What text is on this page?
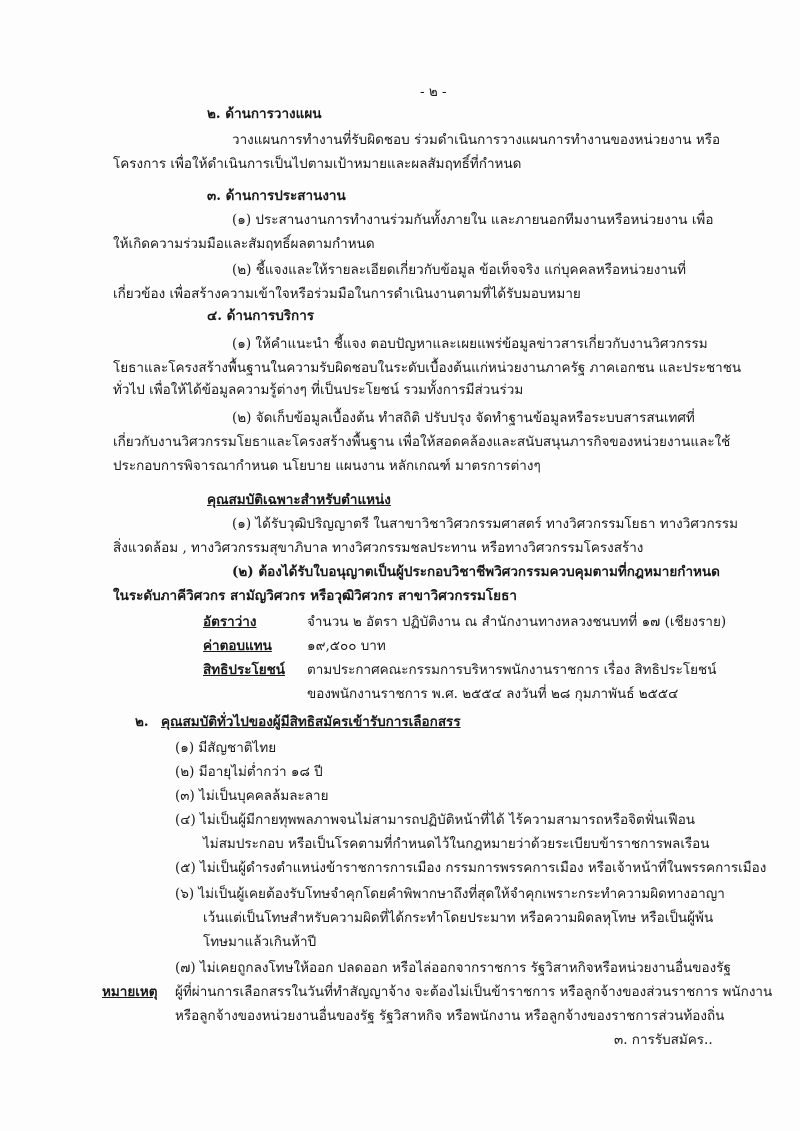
- ๒ -
๒. ด้านการวางแผน
วางแผนการทำงานที่รับผิดชอบ ร่วมดำเนินการวางแผนการทำงานของหน่วยงาน หรือ
โครงการ เพื่อให้ดำเนินการเป็นไปตามเป้าหมายและผลสัมฤทธิ์ที่กำหนด
๓. ด้านการประสานงาน
(๑) ประสานงานการทำงานร่วมกันทั้งภายใน และภายนอกทีมงานหรือหน่วยงาน เพื่อ
ให้เกิดความร่วมมือและสัมฤทธิ์ผลตามกำหนด
(๒) ชี้แจงและให้รายละเอียดเกี่ยวกับข้อมูล ข้อเท็จจริง แก่บุคคลหรือหน่วยงานที่
เกี่ยวข้อง เพื่อสร้างความเข้าใจหรือร่วมมือในการดำเนินงานตามที่ได้รับมอบหมาย
๔. ด้านการบริการ
(๑) ให้คำแนะนำ ชี้แจง ตอบปัญหาและเผยแพร่ข้อมูลข่าวสารเกี่ยวกับงานวิศวกรรม
โยธาและโครงสร้างพื้นฐานในความรับผิดชอบในระดับเบื้องต้นแก่หน่วยงานภาครัฐ ภาคเอกชน และประชาชน
ทั่วไป เพื่อให้ได้ข้อมูลความรู้ต่างๆ ที่เป็นประโยชน์ รวมทั้งการมีส่วนร่วม
(๒) จัดเก็บข้อมูลเบื้องต้น ทำสถิติ ปรับปรุง จัดทำฐานข้อมูลหรือระบบสารสนเทศที่
เกี่ยวกับงานวิศวกรรมโยธาและโครงสร้างพื้นฐาน เพื่อให้สอดคล้องและสนับสนุนภารกิจของหน่วยงานและใช้
ประกอบการพิจารณากำหนด นโยบาย แผนงาน หลักเกณฑ์ มาตรการต่างๆ
คุณสมบัติเฉพาะสำหรับตำแหน่ง
(๑) ได้รับวุฒิปริญญาตรี ในสาขาวิชาวิศวกรรมศาสตร์ ทางวิศวกรรมโยธา ทางวิศวกรรม
สิ่งแวดล้อม , ทางวิศวกรรมสุขาภิบาล ทางวิศวกรรมชลประทาน หรือทางวิศวกรรมโครงสร้าง
(๒) ต้องได้รับใบอนุญาตเป็นผู้ประกอบวิชาชีพวิศวกรรมควบคุมตามที่กฎหมายกำหนด
ในระดับภาคีวิศวกร สามัญวิศวกร หรือวุฒิวิศวกร สาขาวิศวกรรมโยธา
อัตราว่าง	จำนวน ๒ อัตรา ปฏิบัติงาน ณ สำนักงานทางหลวงชนบทที่ ๑๗ (เชียงราย)
ค่าตอบแทน	๑๙,๕๐๐ บาท
สิทธิประโยชน์	ตามประกาศคณะกรรมการบริหารพนักงานราชการ เรื่อง สิทธิประโยชน์
ของพนักงานราชการ พ.ศ. ๒๕๕๔ ลงวันที่ ๒๘ กุมภาพันธ์ ๒๕๕๔
๒. คุณสมบัติทั่วไปของผู้มีสิทธิสมัครเข้ารับการเลือกสรร
(๑) มีสัญชาติไทย
(๒) มีอายุไม่ต่ำกว่า ๑๘ ปี
(๓) ไม่เป็นบุคคลล้มละลาย
(๔) ไม่เป็นผู้มีกายทุพพลภาพจนไม่สามารถปฏิบัติหน้าที่ได้ ไร้ความสามารถหรือจิตฟั่นเฟือน
ไม่สมประกอบ หรือเป็นโรคตามที่กำหนดไว้ในกฎหมายว่าด้วยระเบียบข้าราชการพลเรือน
(๕) ไม่เป็นผู้ดำรงตำแหน่งข้าราชการการเมือง กรรมการพรรคการเมือง หรือเจ้าหน้าที่ในพรรคการเมือง
(๖) ไม่เป็นผู้เคยต้องรับโทษจำคุกโดยคำพิพากษาถึงที่สุดให้จำคุกเพราะกระทำความผิดทางอาญา
เว้นแต่เป็นโทษสำหรับความผิดที่ได้กระทำโดยประมาท หรือความผิดลหุโทษ หรือเป็นผู้พ้น
โทษมาแล้วเกินห้าปี
(๗) ไม่เคยถูกลงโทษให้ออก ปลดออก หรือไล่ออกจากราชการ รัฐวิสาหกิจหรือหน่วยงานอื่นของรัฐ
หมายเหตุ ผู้ที่ผ่านการเลือกสรรในวันที่ทำสัญญาจ้าง จะต้องไม่เป็นข้าราชการ หรือลูกจ้างของส่วนราชการ พนักงาน
หรือลูกจ้างของหน่วยงานอื่นของรัฐ รัฐวิสาหกิจ หรือพนักงาน หรือลูกจ้างของราชการส่วนท้องถิ่น
๓. การรับสมัคร..
